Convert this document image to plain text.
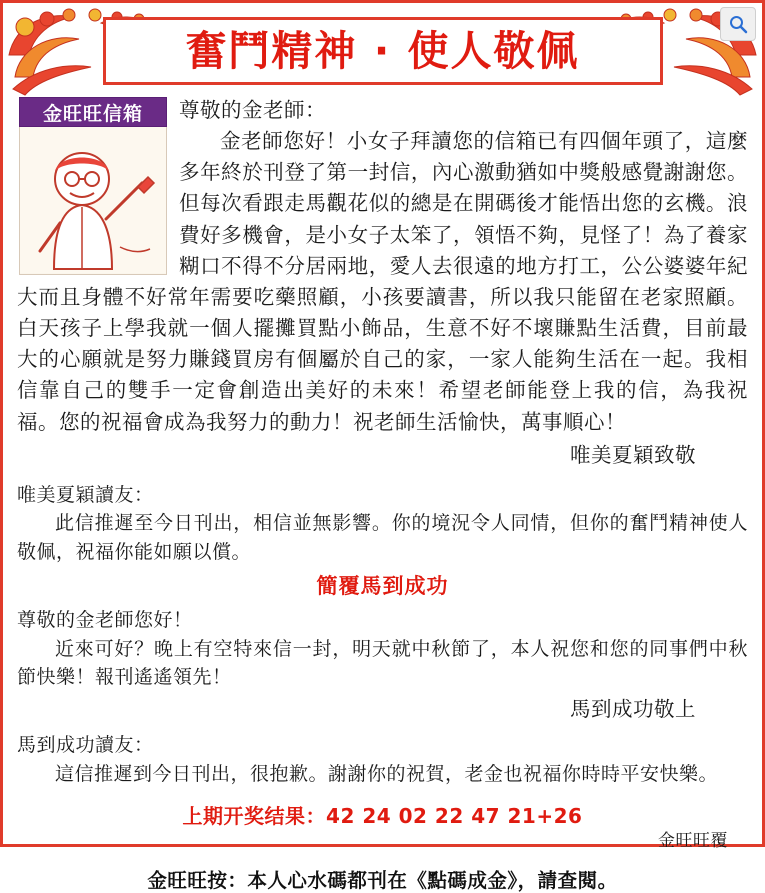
奮鬥精神 · 使人敬佩
金旺旺信箱	尊敬的金老師：
金老師您好！小女子拜讀您的信箱已有四個年頭了，這麼多年終於刊登了第一封信，內心激動猶如中獎般感覺謝謝您。但每次看跟走馬觀花似的總是在開碼後才能悟出您的玄機。浪費好多機會，是小女子太笨了，領悟不夠，見怪了！為了養家糊口不得不分居兩地，愛人去很遠的地方打工，公公婆婆年紀大而且身體不好常年需要吃藥照顧，小孩要讀書，所以我只能留在老家照顧。白天孩子上學我就一個人擺攤買點小飾品，生意不好不壞賺點生活費，目前最大的心願就是努力賺錢買房有個屬於自己的家，一家人能夠生活在一起。我相信靠自己的雙手一定會創造出美好的未來！希望老師能登上我的信，為我祝福。您的祝福會成為我努力的動力！祝老師生活愉快，萬事順心！
唯美夏穎致敬
唯美夏穎讀友：
此信推遲至今日刊出，相信並無影響。你的境況令人同情，但你的奮鬥精神使人敬佩，祝福你能如願以償。
簡覆馬到成功
尊敬的金老師您好！
近來可好？晚上有空特來信一封，明天就中秋節了，本人祝您和您的同事們中秋節快樂！報刊遙遙領先！
馬到成功敬上
馬到成功讀友：
這信推遲到今日刊出，很抱歉。謝謝你的祝賀，老金也祝福你時時平安快樂。
上期开奖结果：42 24 02 22 47 21+26
金旺旺覆
金旺旺按：本人心水碼都刊在《點碼成金》，請查閱。
